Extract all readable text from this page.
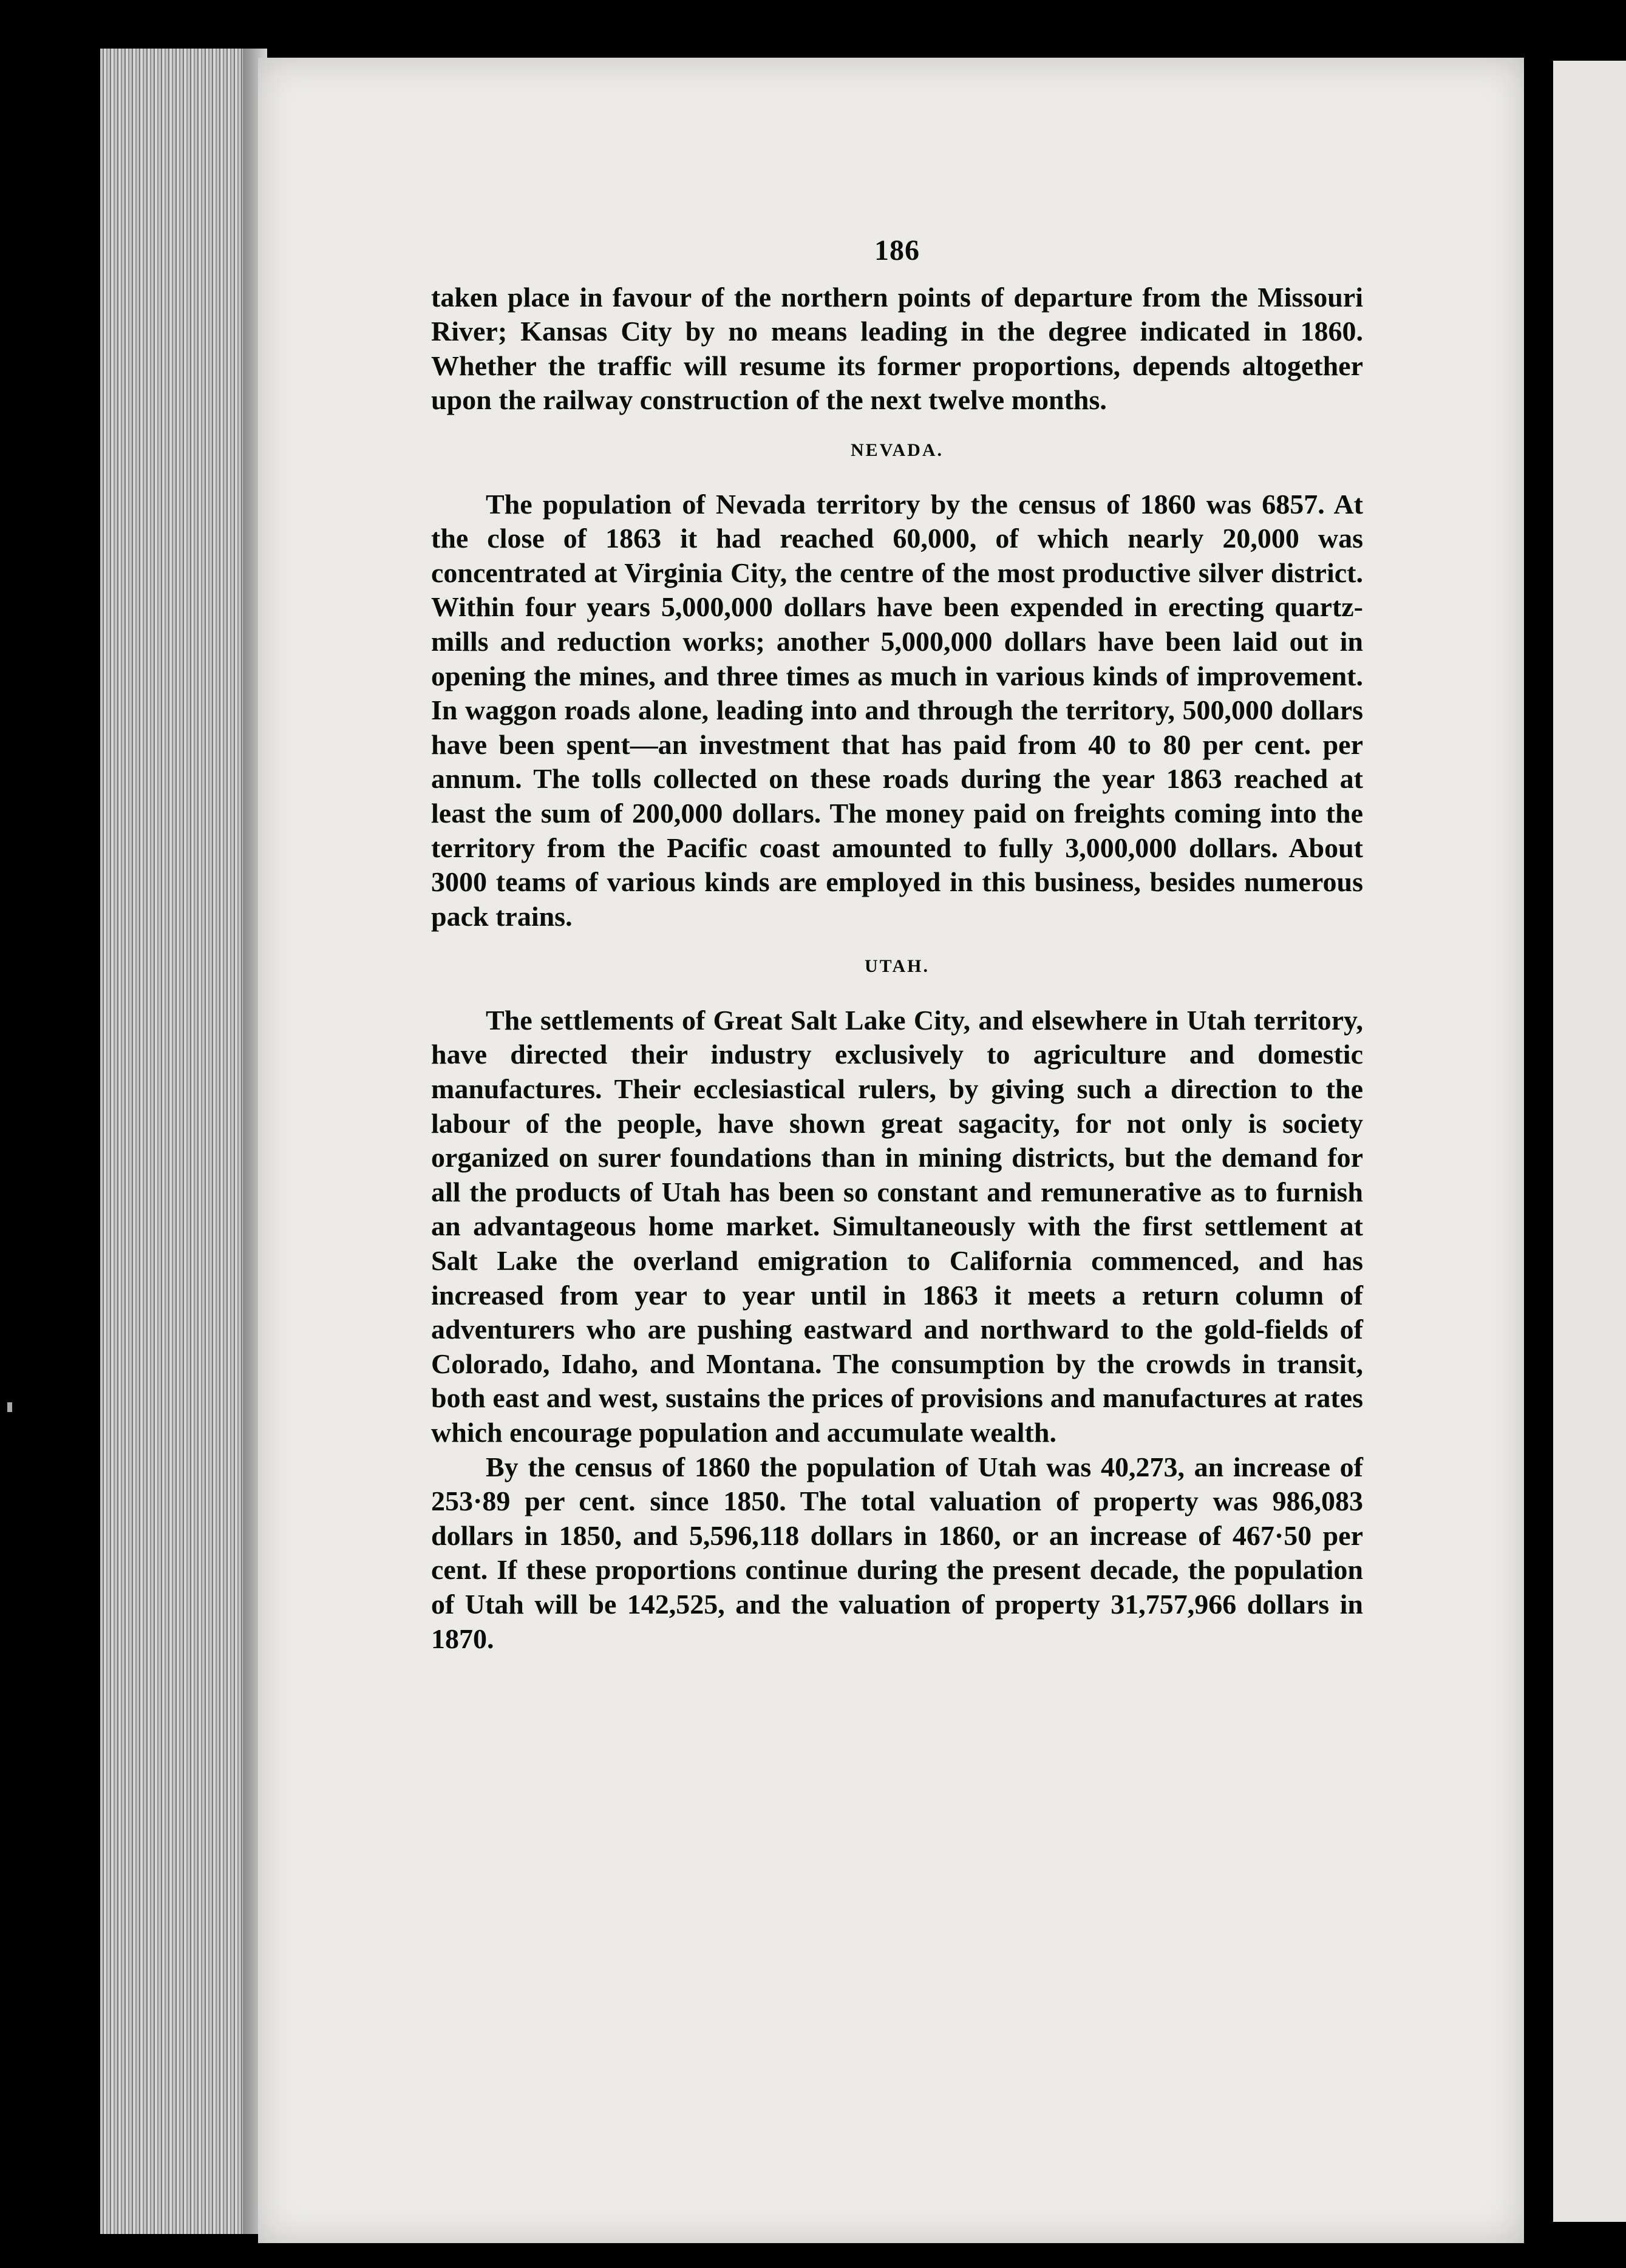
186

taken place in favour of the northern points of departure from the Missouri River; Kansas City by no means leading in the degree indicated in 1860. Whether the traffic will resume its former proportions, depends altogether upon the railway construction of the next twelve months.

NEVADA.

The population of Nevada territory by the census of 1860 was 6857. At the close of 1863 it had reached 60,000, of which nearly 20,000 was concentrated at Virginia City, the centre of the most productive silver district. Within four years 5,000,000 dollars have been expended in erecting quartz-mills and reduction works; another 5,000,000 dollars have been laid out in opening the mines, and three times as much in various kinds of improvement. In waggon roads alone, leading into and through the territory, 500,000 dollars have been spent—an investment that has paid from 40 to 80 per cent. per annum. The tolls collected on these roads during the year 1863 reached at least the sum of 200,000 dollars. The money paid on freights coming into the territory from the Pacific coast amounted to fully 3,000,000 dollars. About 3000 teams of various kinds are employed in this business, besides numerous pack trains.

UTAH.

The settlements of Great Salt Lake City, and elsewhere in Utah territory, have directed their industry exclusively to agriculture and domestic manufactures. Their ecclesiastical rulers, by giving such a direction to the labour of the people, have shown great sagacity, for not only is society organized on surer foundations than in mining districts, but the demand for all the products of Utah has been so constant and remunerative as to furnish an advantageous home market. Simultaneously with the first settlement at Salt Lake the overland emigration to California commenced, and has increased from year to year until in 1863 it meets a return column of adventurers who are pushing eastward and northward to the gold-fields of Colorado, Idaho, and Montana. The consumption by the crowds in transit, both east and west, sustains the prices of provisions and manufactures at rates which encourage population and accumulate wealth.

By the census of 1860 the population of Utah was 40,273, an increase of 253·89 per cent. since 1850. The total valuation of property was 986,083 dollars in 1850, and 5,596,118 dollars in 1860, or an increase of 467·50 per cent. If these proportions continue during the present decade, the population of Utah will be 142,525, and the valuation of property 31,757,966 dollars in 1870.
